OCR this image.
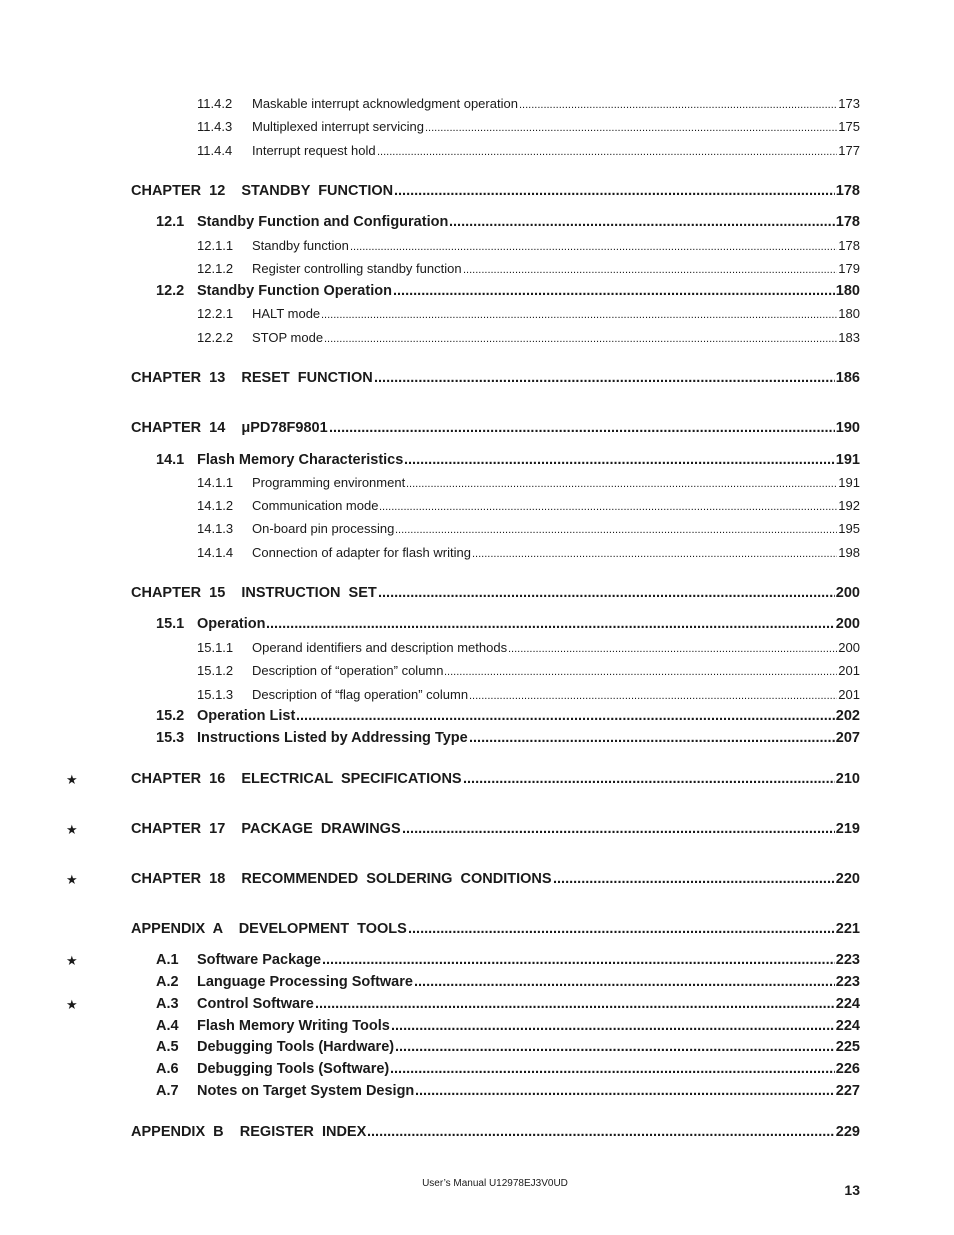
11.4.2 Maskable interrupt acknowledgment operation .....	173
11.4.3 Multiplexed interrupt servicing .....	175
11.4.4 Interrupt request hold .....	177
CHAPTER  12    STANDBY  FUNCTION .....	178
12.1 Standby Function and Configuration .....	178
12.1.1 Standby function .....	178
12.1.2 Register controlling standby function .....	179
12.2 Standby Function Operation .....	180
12.2.1 HALT mode .....	180
12.2.2 STOP mode .....	183
CHAPTER  13    RESET  FUNCTION .....	186
CHAPTER  14    μPD78F9801 .....	190
14.1 Flash Memory Characteristics .....	191
14.1.1 Programming environment .....	191
14.1.2 Communication mode .....	192
14.1.3 On-board pin processing .....	195
14.1.4 Connection of adapter for flash writing .....	198
CHAPTER  15    INSTRUCTION  SET .....	200
15.1 Operation .....	200
15.1.1 Operand identifiers and description methods .....	200
15.1.2 Description of “operation” column .....	201
15.1.3 Description of “flag operation” column .....	201
15.2 Operation List .....	202
15.3 Instructions Listed by Addressing Type .....	207
★	CHAPTER  16    ELECTRICAL  SPECIFICATIONS .....	210
★	CHAPTER  17    PACKAGE  DRAWINGS .....	219
★	CHAPTER  18    RECOMMENDED  SOLDERING  CONDITIONS .....	220
APPENDIX  A    DEVELOPMENT  TOOLS .....	221
★	A.1 Software Package .....	223
A.2 Language Processing Software .....	223
★	A.3 Control Software .....	224
A.4 Flash Memory Writing Tools .....	224
A.5 Debugging Tools (Hardware) .....	225
A.6 Debugging Tools (Software) .....	226
A.7 Notes on Target System Design .....	227
APPENDIX  B    REGISTER  INDEX .....	229
User’s Manual U12978EJ3V0UD	13
